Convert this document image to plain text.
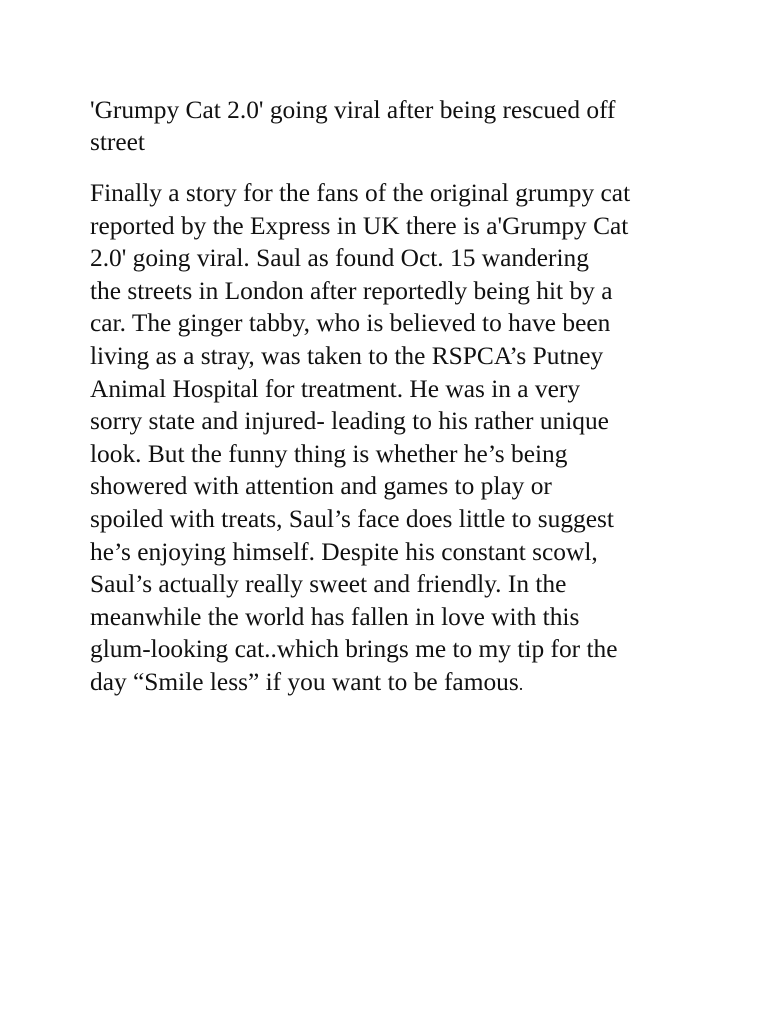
'Grumpy Cat 2.0' going viral after being rescued off
street

Finally a story for the fans of the original grumpy cat
reported by the Express in UK there is a'Grumpy Cat
2.0' going viral. Saul as found Oct. 15 wandering
the streets in London after reportedly being hit by a
car. The ginger tabby, who is believed to have been
living as a stray, was taken to the RSPCA’s Putney
Animal Hospital for treatment. He was in a very
sorry state and injured- leading to his rather unique
look. But the funny thing is whether he’s being
showered with attention and games to play or
spoiled with treats, Saul’s face does little to suggest
he’s enjoying himself. Despite his constant scowl,
Saul’s actually really sweet and friendly. In the
meanwhile the world has fallen in love with this
glum-looking cat..which brings me to my tip for the
day “Smile less” if you want to be famous.
